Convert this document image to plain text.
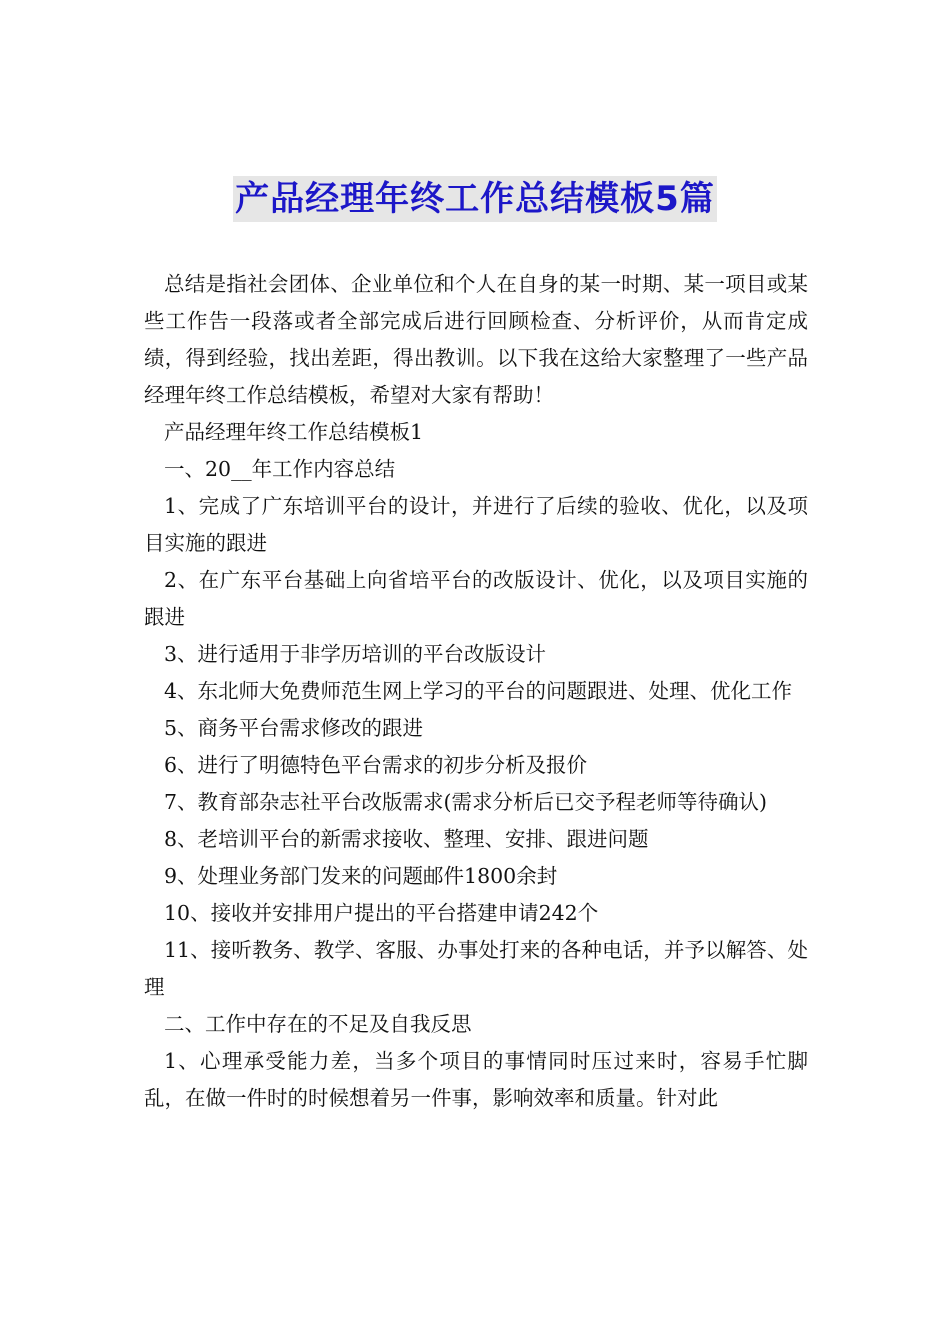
产品经理年终工作总结模板5篇

总结是指社会团体、企业单位和个人在自身的某一时期、某一项目或某些工作告一段落或者全部完成后进行回顾检查、分析评价，从而肯定成绩，得到经验，找出差距，得出教训。以下我在这给大家整理了一些产品经理年终工作总结模板，希望对大家有帮助！

产品经理年终工作总结模板1

一、20__年工作内容总结

1、完成了广东培训平台的设计，并进行了后续的验收、优化，以及项目实施的跟进

2、在广东平台基础上向省培平台的改版设计、优化，以及项目实施的跟进

3、进行适用于非学历培训的平台改版设计

4、东北师大免费师范生网上学习的平台的问题跟进、处理、优化工作

5、商务平台需求修改的跟进

6、进行了明德特色平台需求的初步分析及报价

7、教育部杂志社平台改版需求(需求分析后已交予程老师等待确认)

8、老培训平台的新需求接收、整理、安排、跟进问题

9、处理业务部门发来的问题邮件1800余封

10、接收并安排用户提出的平台搭建申请242个

11、接听教务、教学、客服、办事处打来的各种电话，并予以解答、处理

二、工作中存在的不足及自我反思

1、心理承受能力差，当多个项目的事情同时压过来时，容易手忙脚乱，在做一件时的时候想着另一件事，影响效率和质量。针对此
